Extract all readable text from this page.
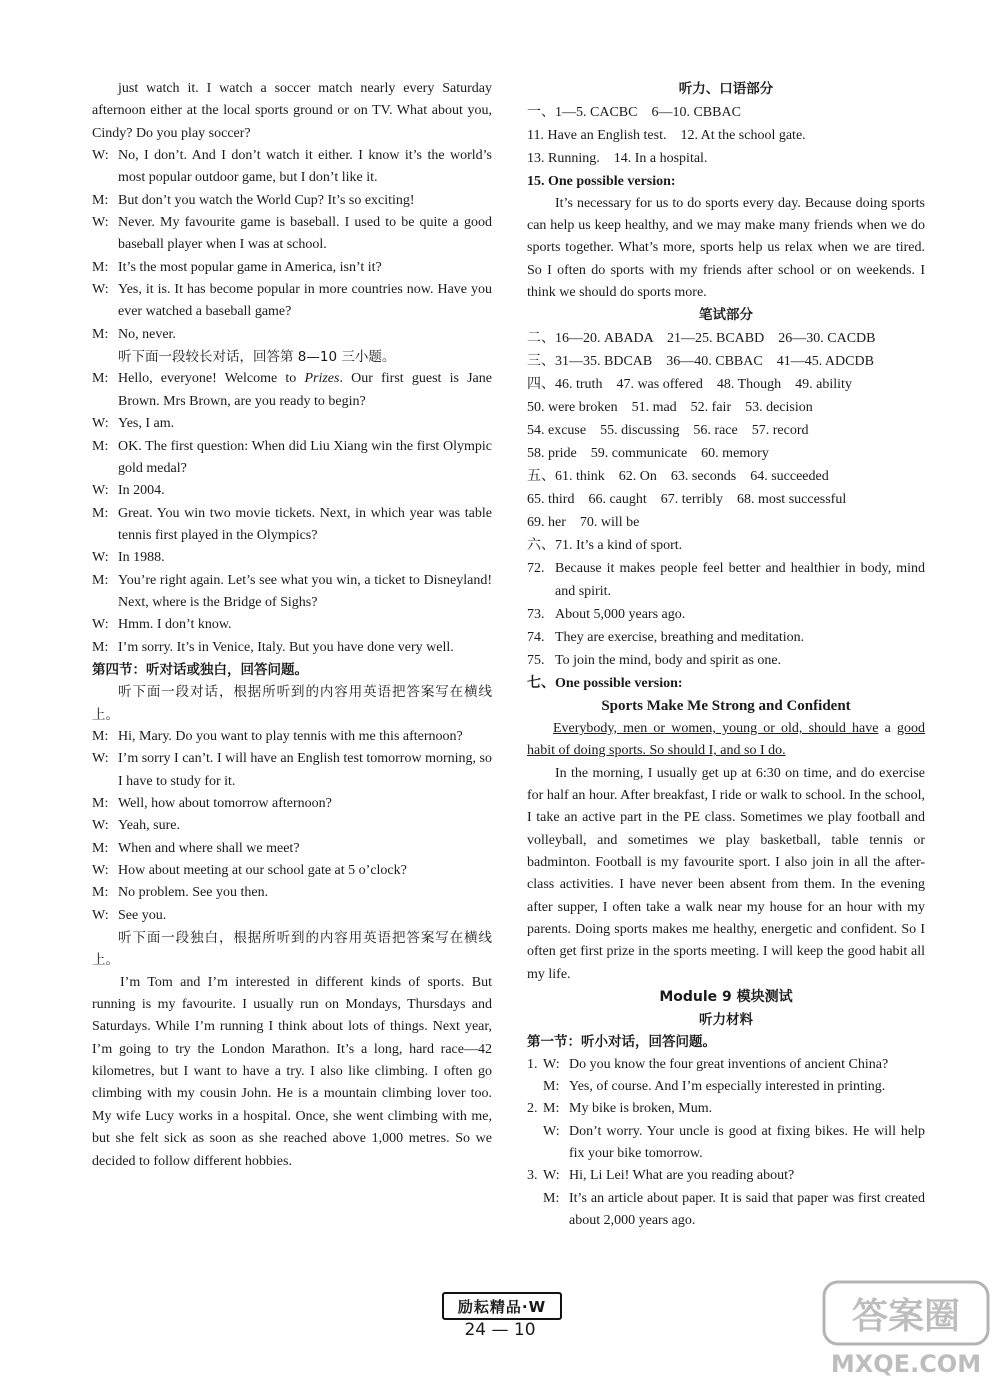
just watch it. I watch a soccer match nearly every Saturday afternoon either at the local sports ground or on TV. What about you, Cindy? Do you play soccer?

W: No, I don’t. And I don’t watch it either. I know it’s the world’s most popular outdoor game, but I don’t like it.
M: But don’t you watch the World Cup? It’s so exciting!
W: Never. My favourite game is baseball. I used to be quite a good baseball player when I was at school.
M: It’s the most popular game in America, isn’t it?
W: Yes, it is. It has become popular in more countries now. Have you ever watched a baseball game?
M: No, never.

听下面一段较长对话，回答第 8—10 三小题。

M: Hello, everyone! Welcome to Prizes. Our first guest is Jane Brown. Mrs Brown, are you ready to begin?
W: Yes, I am.
M: OK. The first question: When did Liu Xiang win the first Olympic gold medal?
W: In 2004.
M: Great. You win two movie tickets. Next, in which year was table tennis first played in the Olympics?
W: In 1988.
M: You’re right again. Let’s see what you win, a ticket to Disneyland! Next, where is the Bridge of Sighs?
W: Hmm. I don’t know.
M: I’m sorry. It’s in Venice, Italy. But you have done very well.
第四节：听对话或独白，回答问题。

听下面一段对话，根据所听到的内容用英语把答案写在横线上。

M: Hi, Mary. Do you want to play tennis with me this afternoon?
W: I’m sorry I can’t. I will have an English test tomorrow morning, so I have to study for it.
M: Well, how about tomorrow afternoon?
W: Yeah, sure.
M: When and where shall we meet?
W: How about meeting at our school gate at 5 o’clock?
M: No problem. See you then.
W: See you.

听下面一段独白，根据所听到的内容用英语把答案写在横线上。

I’m Tom and I’m interested in different kinds of sports. But running is my favourite. I usually run on Mondays, Thursdays and Saturdays. While I’m running I think about lots of things. Next year, I’m going to try the London Marathon. It’s a long, hard race—42 kilometres, but I want to have a try. I also like climbing. I often go climbing with my cousin John. He is a mountain climbing lover too. My wife Lucy works in a hospital. Once, she went climbing with me, but she felt sick as soon as she reached above 1,000 metres. So we decided to follow different hobbies.

听力、口语部分
一、1—5. CACBC    6—10. CBBAC
11. Have an English test.    12. At the school gate.
13. Running.    14. In a hospital.
15. One possible version:

It’s necessary for us to do sports every day. Because doing sports can help us keep healthy, and we may make many friends when we do sports together. What’s more, sports help us relax when we are tired. So I often do sports with my friends after school or on weekends. I think we should do sports more.

笔试部分
二、16—20. ABADA    21—25. BCABD    26—30. CACDB
三、31—35. BDCAB    36—40. CBBAC    41—45. ADCDB
四、46. truth    47. was offered    48. Though    49. ability
50. were broken    51. mad    52. fair    53. decision
54. excuse    55. discussing    56. race    57. record
58. pride    59. communicate    60. memory
五、61. think    62. On    63. seconds    64. succeeded
65. third    66. caught    67. terribly    68. most successful
69. her    70. will be
六、71. It’s a kind of sport.
72. Because it makes people feel better and healthier in body, mind and spirit.
73. About 5,000 years ago.
74. They are exercise, breathing and meditation.
75. To join the mind, body and spirit as one.
七、One possible version:
Sports Make Me Strong and Confident

Everybody, men or women, young or old, should have a good habit of doing sports. So should I, and so I do.

In the morning, I usually get up at 6:30 on time, and do exercise for half an hour. After breakfast, I ride or walk to school. In the school, I take an active part in the PE class. Sometimes we play football and volleyball, and sometimes we play basketball, table tennis or badminton. Football is my favourite sport. I also join in all the after-class activities. I have never been absent from them. In the evening after supper, I often take a walk near my house for an hour with my parents. Doing sports makes me healthy, energetic and confident. So I often get first prize in the sports meeting. I will keep the good habit all my life.

Module 9 模块测试
听力材料
第一节：听小对话，回答问题。
1. W: Do you know the four great inventions of ancient China?
M: Yes, of course. And I’m especially interested in printing.
2. M: My bike is broken, Mum.
W: Don’t worry. Your uncle is good at fixing bikes. He will help fix your bike tomorrow.
3. W: Hi, Li Lei! What are you reading about?
M: It’s an article about paper. It is said that paper was first created about 2,000 years ago.
励耘精品·W
24 — 10	答案圈
MXQE.COM
